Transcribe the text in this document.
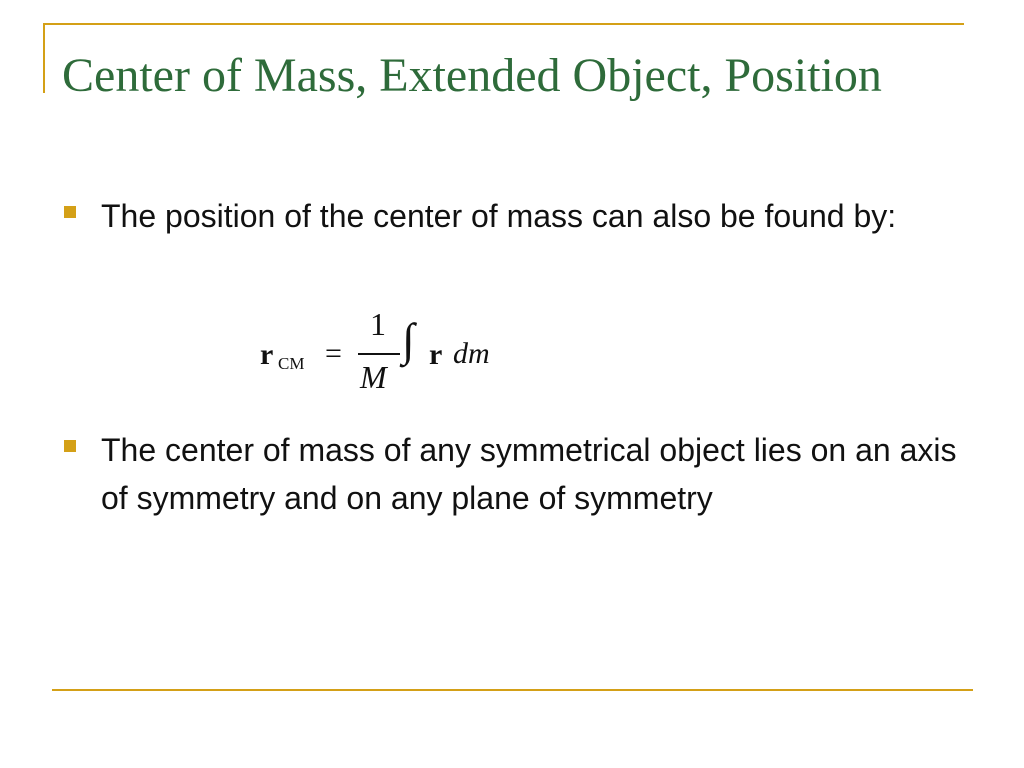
Center of Mass, Extended Object, Position
The position of the center of mass can also be found by:
r CM =
1
M
∫ r dm
The center of mass of any symmetrical object lies on an axis of symmetry and on any plane of symmetry
